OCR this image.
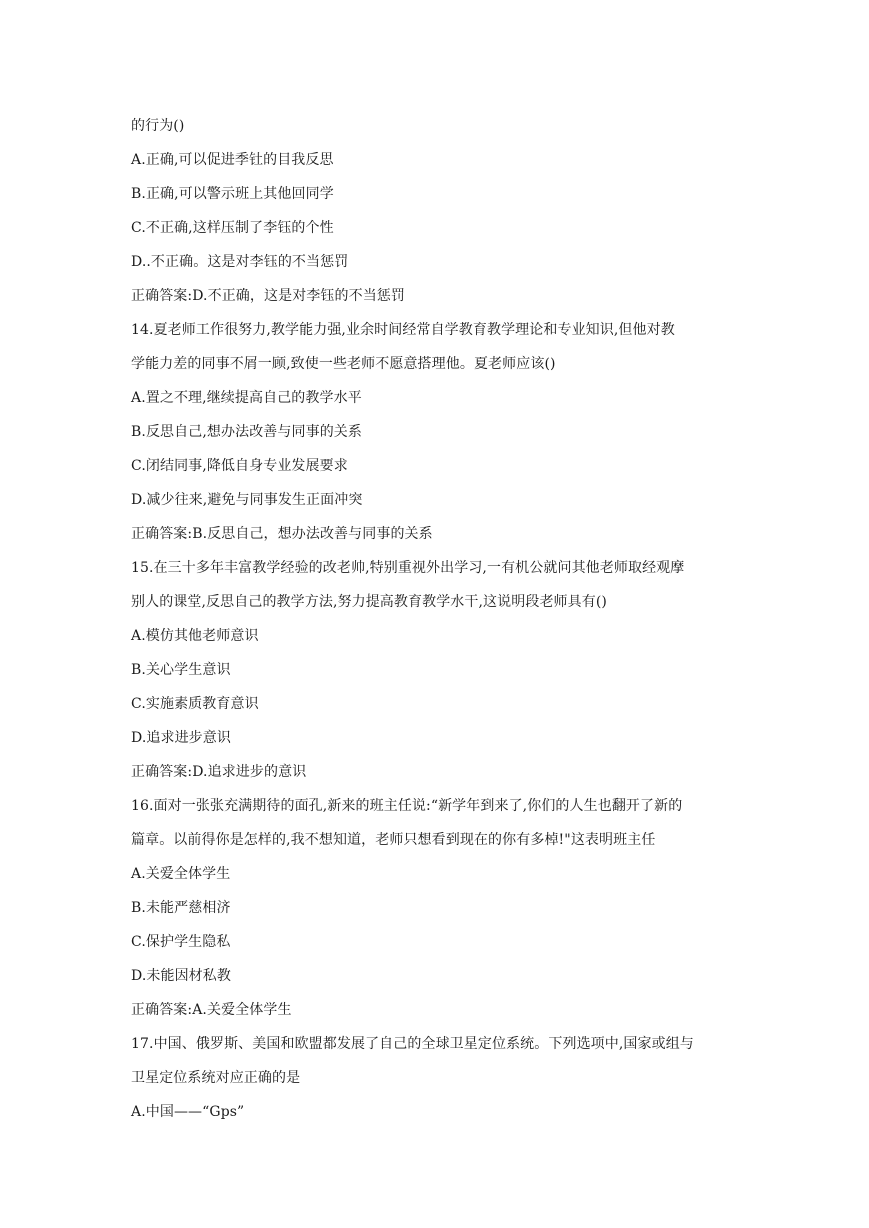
的行为()
A.正确,可以促进季钍的目我反思
B.正确,可以警示班上其他回同学
C.不正确,这样压制了李钰的个性
D..不正确。这是对李钰的不当惩罚
正确答案:D.不正确，这是对李钰的不当惩罚
14.夏老师工作很努力,教学能力强,业余时间经常自学教育教学理论和专业知识,但他对教
学能力差的同事不屑一顾,致使一些老师不愿意搭理他。夏老师应该()
A.置之不理,继续提高自己的教学水平
B.反思自己,想办法改善与同事的关系
C.闭结同事,降低自身专业发展要求
D.减少往来,避免与同事发生正面冲突
正确答案:B.反思自己，想办法改善与同事的关系
15.在三十多年丰富教学经验的改老帅,特别重视外出学习,一有机公就问其他老师取经观摩
别人的课堂,反思自己的教学方法,努力提高教育教学水干,这说明段老师具有()
A.模仿其他老师意识
B.关心学生意识
C.实施素质教育意识
D.追求进步意识
正确答案:D.追求进步的意识
16.面对一张张充满期待的面孔,新来的班主任说:“新学年到来了,你们的人生也翻开了新的
篇章。以前得你是怎样的,我不想知道，老师只想看到现在的你有多棹!"这表明班主任
A.关爱全体学生
B.未能严慈相济
C.保护学生隐私
D.未能因材私教
正确答案:A.关爱全体学生
17.中国、俄罗斯、美国和欧盟都发展了自己的全球卫星定位系统。下列选项中,国家或组与
卫星定位系统对应正确的是
A.中国——“Gps”
